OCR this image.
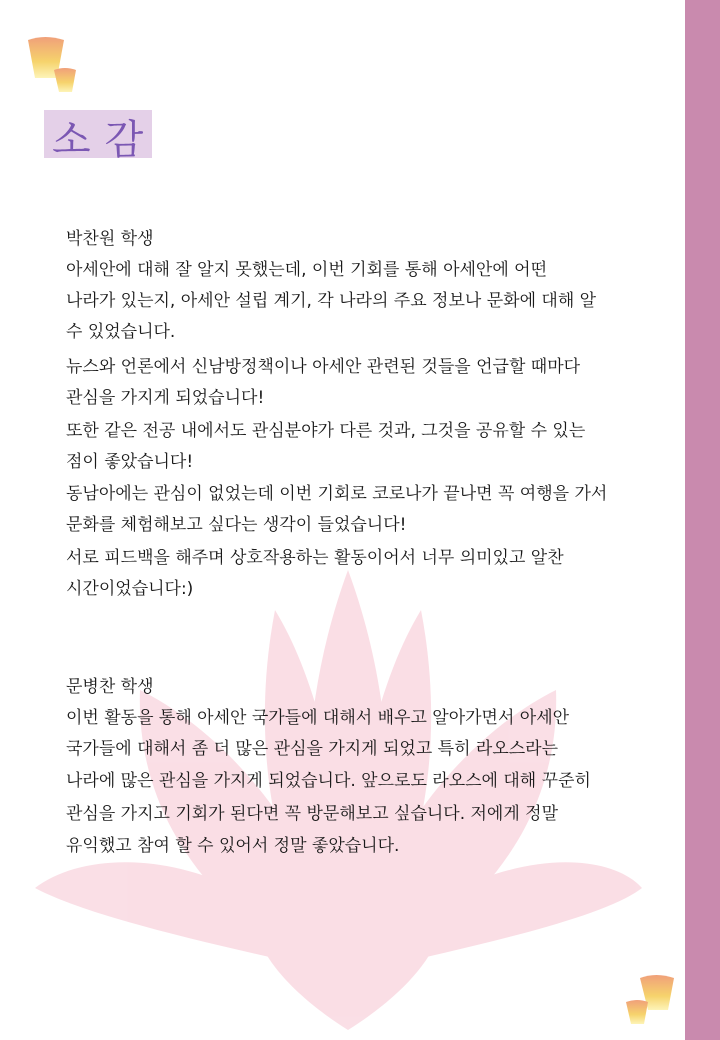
소감
박찬원 학생
아세안에 대해 잘 알지 못했는데, 이번 기회를 통해 아세안에 어떤
나라가 있는지, 아세안 설립 계기, 각 나라의 주요 정보나 문화에 대해 알
수 있었습니다.
뉴스와 언론에서 신남방정책이나 아세안 관련된 것들을 언급할 때마다
관심을 가지게 되었습니다!
또한 같은 전공 내에서도 관심분야가 다른 것과, 그것을 공유할 수 있는
점이 좋았습니다!
동남아에는 관심이 없었는데 이번 기회로 코로나가 끝나면 꼭 여행을 가서
문화를 체험해보고 싶다는 생각이 들었습니다!
서로 피드백을 해주며 상호작용하는 활동이어서 너무 의미있고 알찬
시간이었습니다:)
문병찬 학생
이번 활동을 통해 아세안 국가들에 대해서 배우고 알아가면서 아세안
국가들에 대해서 좀 더 많은 관심을 가지게 되었고 특히 라오스라는
나라에 많은 관심을 가지게 되었습니다. 앞으로도 라오스에 대해 꾸준히
관심을 가지고 기회가 된다면 꼭 방문해보고 싶습니다. 저에게 정말
유익했고 참여 할 수 있어서 정말 좋았습니다.
